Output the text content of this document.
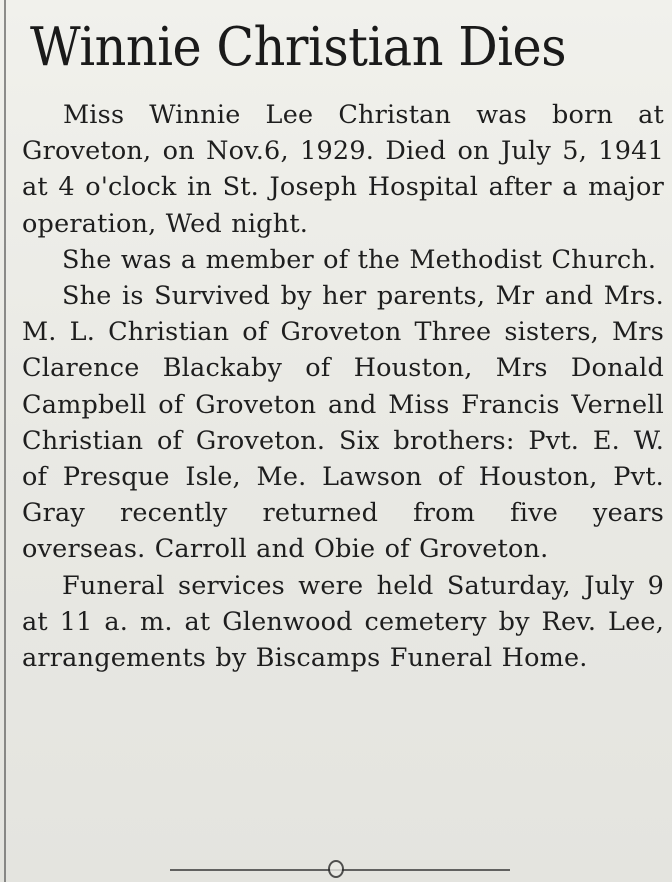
Winnie Christian Dies

Miss Winnie Lee Christan was born at Groveton, on Nov.6, 1929. Died on July 5, 1941 at 4 o'clock in St. Joseph Hospital after a major operation, Wed night.

She was a member of the Methodist Church.

She is Survived by her parents, Mr and Mrs. M. L. Christian of Groveton Three sisters, Mrs Clarence Blackaby of Houston, Mrs Donald Campbell of Groveton and Miss Francis Vernell Christian of Groveton. Six brothers: Pvt. E. W. of Presque Isle, Me. Lawson of Houston, Pvt. Gray recently returned from five years overseas. Carroll and Obie of Groveton.

Funeral services were held Saturday, July 9 at 11 a. m. at Glenwood cemetery by Rev. Lee, arrangements by Biscamps Funeral Home.
